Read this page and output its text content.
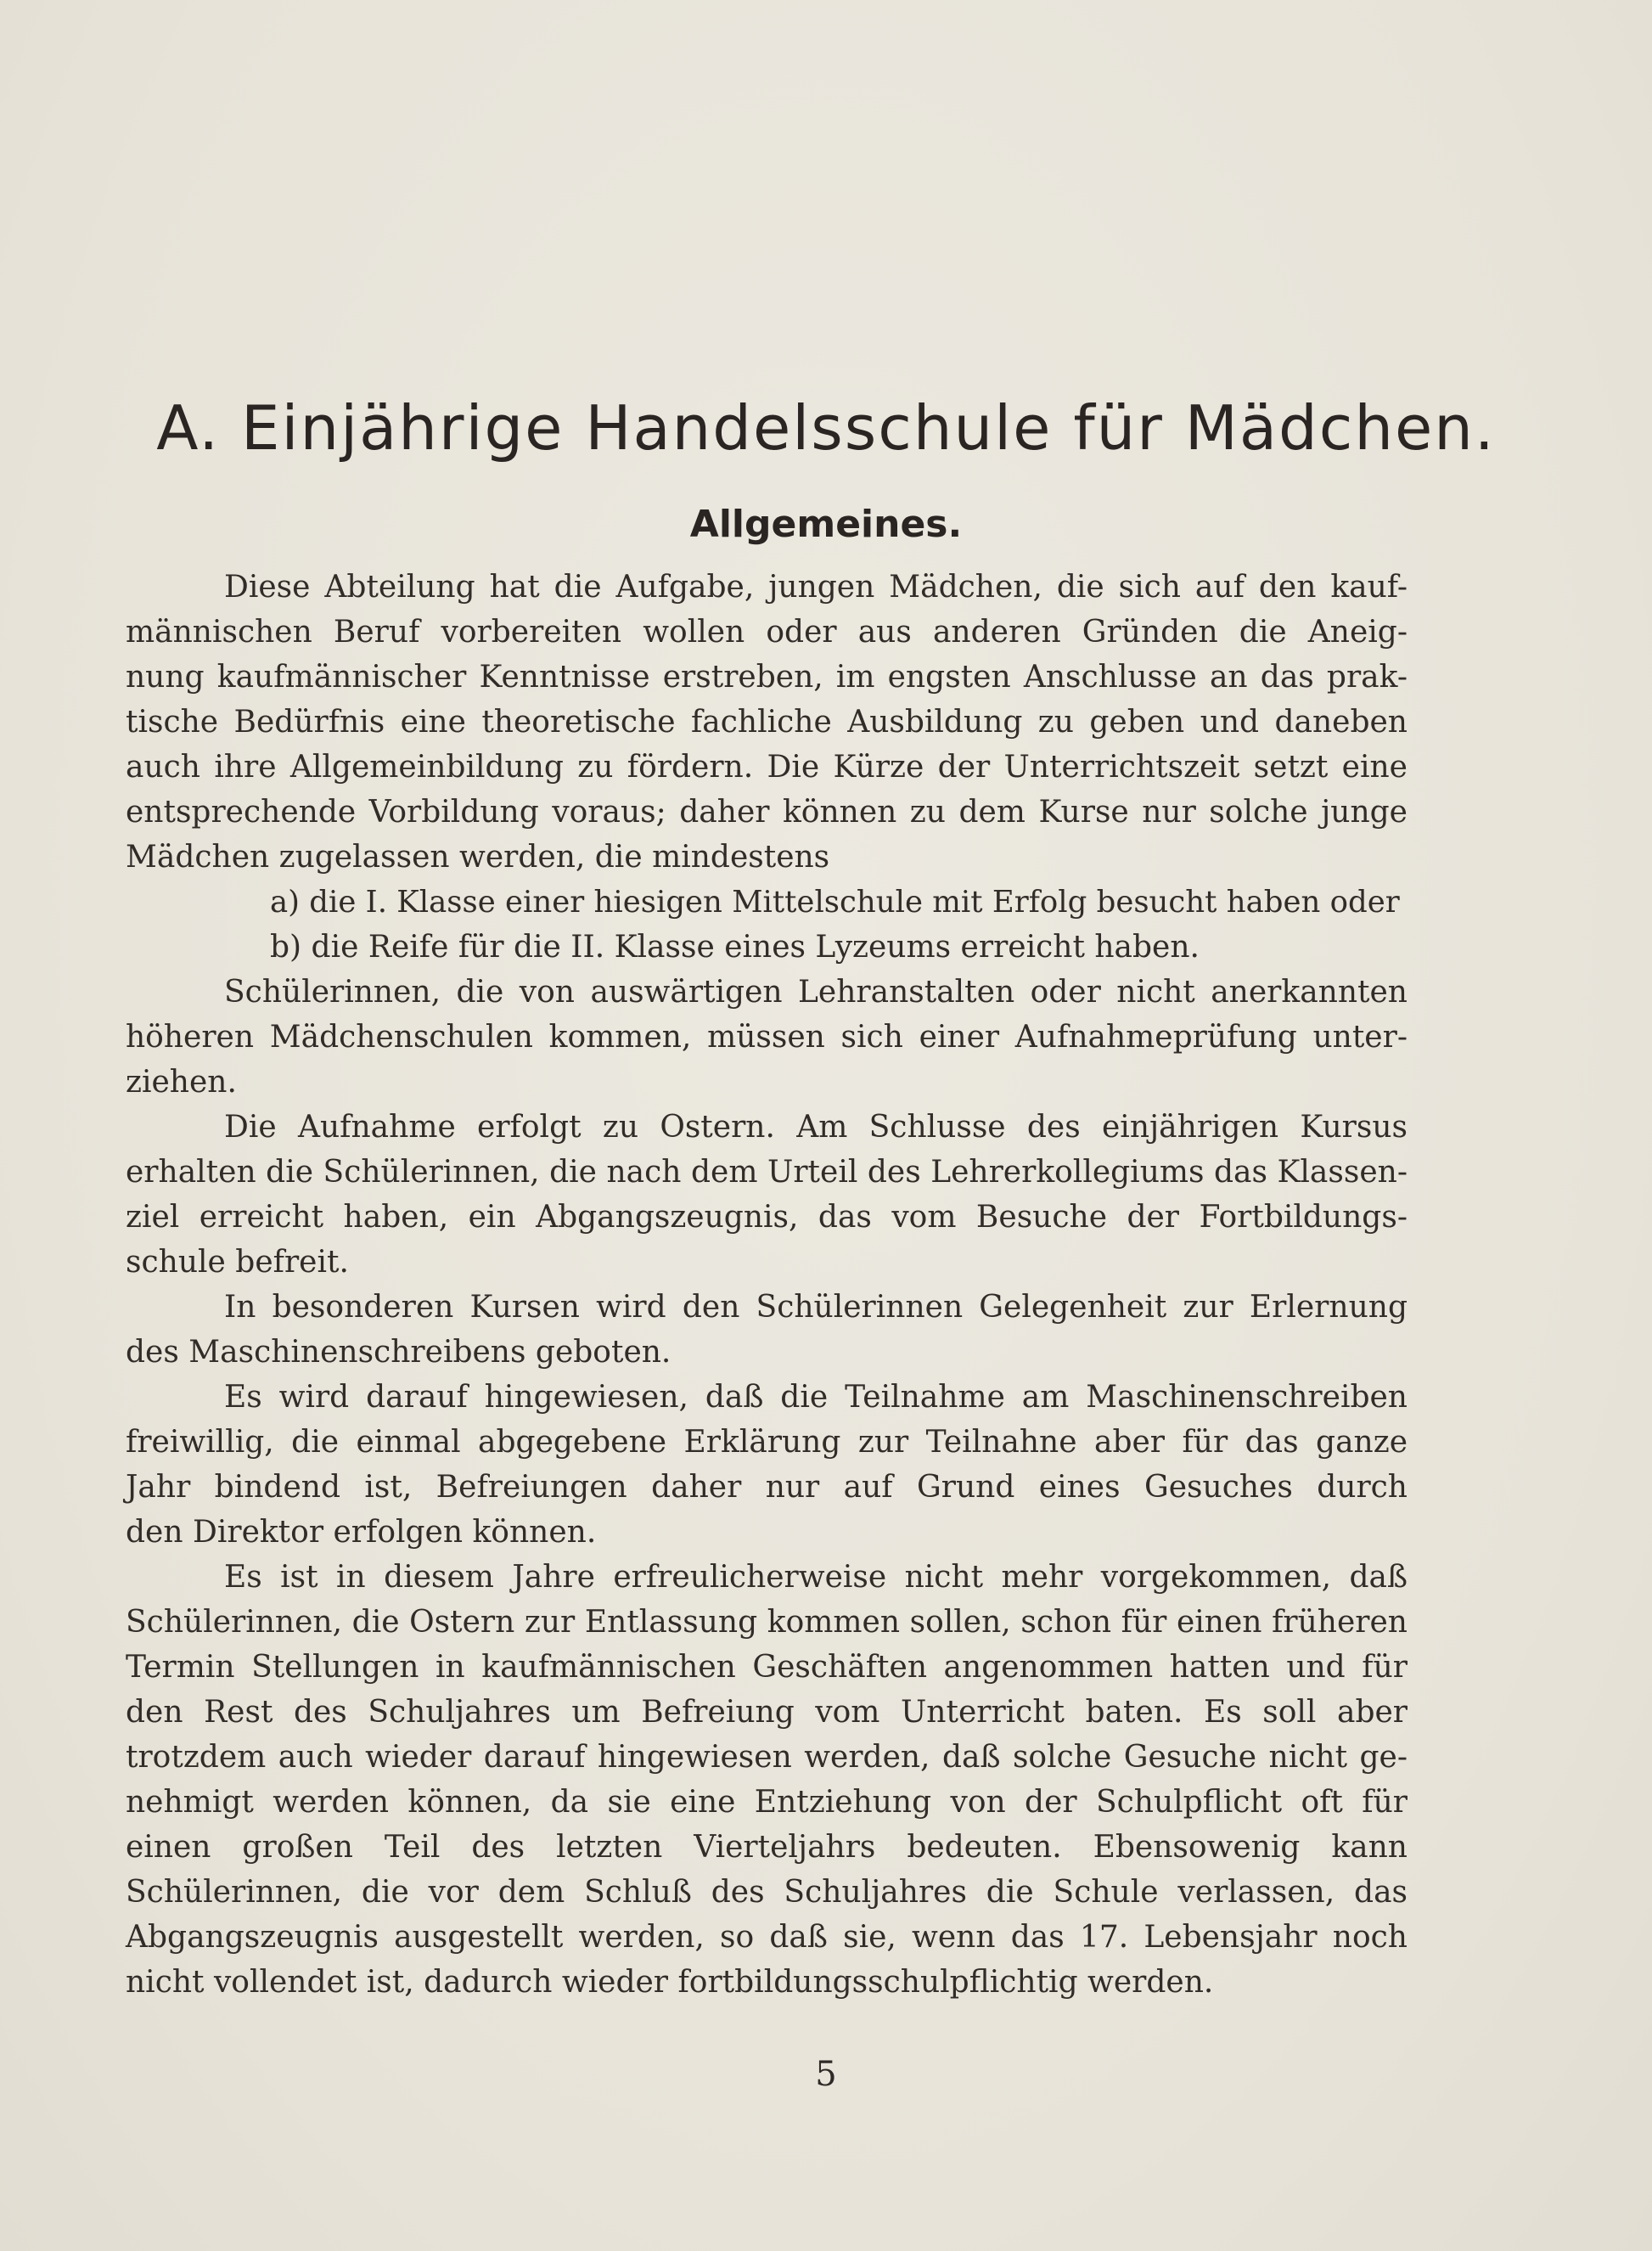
A. Einjährige Handelsschule für Mädchen.
Allgemeines.
Diese Abteilung hat die Aufgabe, jungen Mädchen, die sich auf den kauf-
männischen Beruf vorbereiten wollen oder aus anderen Gründen die Aneig-
nung kaufmännischer Kenntnisse erstreben, im engsten Anschlusse an das prak-
tische Bedürfnis eine theoretische fachliche Ausbildung zu geben und daneben
auch ihre Allgemeinbildung zu fördern. Die Kürze der Unterrichtszeit setzt eine
entsprechende Vorbildung voraus; daher können zu dem Kurse nur solche junge
Mädchen zugelassen werden, die mindestens
a) die I. Klasse einer hiesigen Mittelschule mit Erfolg besucht haben oder
b) die Reife für die II. Klasse eines Lyzeums erreicht haben.
Schülerinnen, die von auswärtigen Lehranstalten oder nicht anerkannten
höheren Mädchenschulen kommen, müssen sich einer Aufnahmeprüfung unter-
ziehen.
Die Aufnahme erfolgt zu Ostern. Am Schlusse des einjährigen Kursus
erhalten die Schülerinnen, die nach dem Urteil des Lehrerkollegiums das Klassen-
ziel erreicht haben, ein Abgangszeugnis, das vom Besuche der Fortbildungs-
schule befreit.
In besonderen Kursen wird den Schülerinnen Gelegenheit zur Erlernung
des Maschinenschreibens geboten.
Es wird darauf hingewiesen, daß die Teilnahme am Maschinenschreiben
freiwillig, die einmal abgegebene Erklärung zur Teilnahne aber für das ganze
Jahr bindend ist, Befreiungen daher nur auf Grund eines Gesuches durch
den Direktor erfolgen können.
Es ist in diesem Jahre erfreulicherweise nicht mehr vorgekommen, daß
Schülerinnen, die Ostern zur Entlassung kommen sollen, schon für einen früheren
Termin Stellungen in kaufmännischen Geschäften angenommen hatten und für
den Rest des Schuljahres um Befreiung vom Unterricht baten. Es soll aber
trotzdem auch wieder darauf hingewiesen werden, daß solche Gesuche nicht ge-
nehmigt werden können, da sie eine Entziehung von der Schulpflicht oft für
einen großen Teil des letzten Vierteljahrs bedeuten. Ebensowenig kann
Schülerinnen, die vor dem Schluß des Schuljahres die Schule verlassen, das
Abgangszeugnis ausgestellt werden, so daß sie, wenn das 17. Lebensjahr noch
nicht vollendet ist, dadurch wieder fortbildungsschulpflichtig werden.
5
